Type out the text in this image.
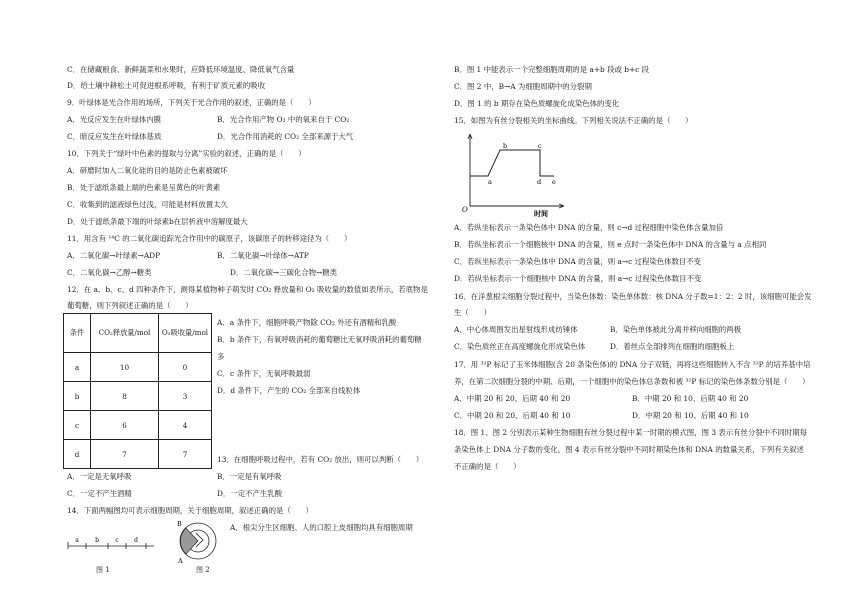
C．在储藏粮食、新鲜蔬菜和水果时，应降低环境温度、降低氧气含量
D．给土壤中耕松土可促进根系呼吸，有利于矿质元素的吸收
9．叶绿体是光合作用的场所，下列关于光合作用的叙述，正确的是（　　）
A．光反应发生在叶绿体内膜	B．光合作用产物 O₂ 中的氧来自于 CO₂
C．暗反应发生在叶绿体基质	D．光合作用消耗的 CO₂ 全部来源于大气
10．下列关于“绿叶中色素的提取与分离”实验的叙述，正确的是（　　）
A．研磨时加入二氧化硅的目的是防止色素被破坏
B．处于滤纸条最上端的色素是呈黄色的叶黄素
C．收集到的滤液绿色过浅，可能是材料放置太久
D．处于滤纸条最下端的叶绿素b在层析液中溶解度最大
11．用含有 ¹⁴C 的二氧化碳追踪光合作用中的碳原子，该碳原子的转移途径为（　　）
A．二氧化碳→叶绿素→ADP	B．二氧化碳→叶绿体→ATP
C．二氧化碳→乙醇→糖类	D．二氧化碳→三碳化合物→糖类
12．在 a、b、c、d 四种条件下，测得某植物种子萌发时 CO₂ 释放量和 O₂ 吸收量的数值如表所示，若底物是
葡萄糖，则下列叙述正确的是（　　）
条件	CO₂释放量/mol	O₂吸收量/mol
a	10	0
b	8	3
c	6	4
d	7	7
A．a 条件下，细胞呼吸产物除 CO₂ 外还有酒精和乳酸
B．b 条件下，有氧呼吸消耗的葡萄糖比无氧呼吸消耗的葡萄糖
多
C．c 条件下，无氧呼吸最弱
D．d 条件下，产生的 CO₂ 全部来自线粒体
13．在细胞呼吸过程中，若有 CO₂ 放出，则可以判断（　　）
A．一定是无氧呼吸	B．一定是有氧呼吸
C．一定不产生酒精	D．一定不产生乳酸
14．下面两幅图均可表示细胞周期，关于细胞周期，叙述正确的是（　　）
A．根尖分生区细胞、人的口腔上皮细胞均具有细胞周期
a	b	c	d
图 1
B
A
图 2
B．图 1 中能表示一个完整细胞周期的是 a+b 段或 b+c 段
C．图 2 中，B→A 为细胞周期中的分裂期
D．图 1 的 b 期存在染色质螺旋化成染色体的变化
15．如图为有丝分裂相关的坐标曲线。下列相关说法不正确的是（　　）
b	c
a	d e
O	时间
A．若纵坐标表示一条染色体中 DNA 的含量，则 c→d 过程细胞中染色体含量加倍
B．若纵坐标表示一个细胞核中 DNA 的含量，则 e 点时一条染色体中 DNA 的含量与 a 点相同
C．若纵坐标表示一条染色体中 DNA 的含量，则 a→c 过程染色体数目不变
D．若纵坐标表示一个细胞核中 DNA 的含量，则 a→c 过程染色体数目不变
16．在洋葱根尖细胞分裂过程中，当染色体数：染色单体数：核 DNA 分子数=1：2：2 时，该细胞可能会发
生（　　）
A．中心体周围发出星射线形成纺锤体	B．染色单体被此分离并移向细胞的两极
C．染色质丝正在高度螺旋化形成染色体	D．着丝点全部排列在细胞的细胞板上
17．用 ³²P 标记了玉米体细胞(含 20 条染色体)的 DNA 分子双链，再将这些细胞转入不含 ³²P 的培养基中培
养，在第二次细胞分裂的中期、后期，一个细胞中的染色体总条数和被 ³²P 标记的染色体条数分别是（　　）
A．中期 20 和 20、后期 40 和 20	B．中期 20 和 10、后期 40 和 20
C．中期 20 和 20、后期 40 和 10	D．中期 20 和 10、后期 40 和 10
18．图 1、图 2 分别表示某种生物细胞有丝分裂过程中某一时期的模式图，图 3 表示有丝分裂中不同时期每
条染色体上 DNA 分子数的变化，图 4 表示有丝分裂中不同时期染色体和 DNA 的数量关系，下列有关叙述
不正确的是（　　）
